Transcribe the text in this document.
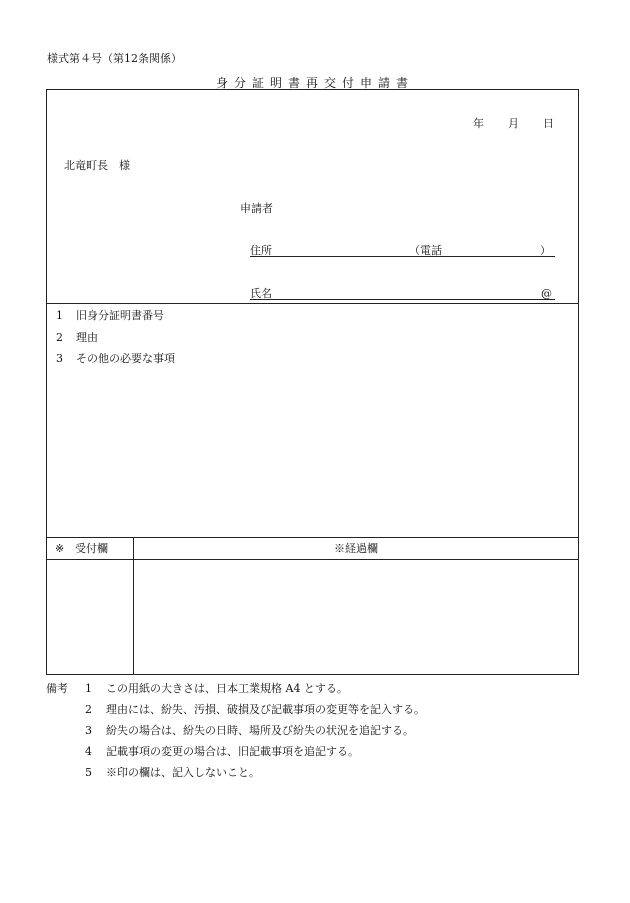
様式第４号（第12条関係）
身分証明書再交付申請書
年 月 日
北竜町長　様
申請者
住所	（電話	）
氏名	@
1 旧身分証明書番号
2 理由
3 その他の必要な事項
※ 受付欄	※経過欄
備考 1 この用紙の大きさは、日本工業規格 A4 とする。
2 理由には、紛失、汚損、破損及び記載事項の変更等を記入する。
3 紛失の場合は、紛失の日時、場所及び紛失の状況を追記する。
4 記載事項の変更の場合は、旧記載事項を追記する。
5 ※印の欄は、記入しないこと。
